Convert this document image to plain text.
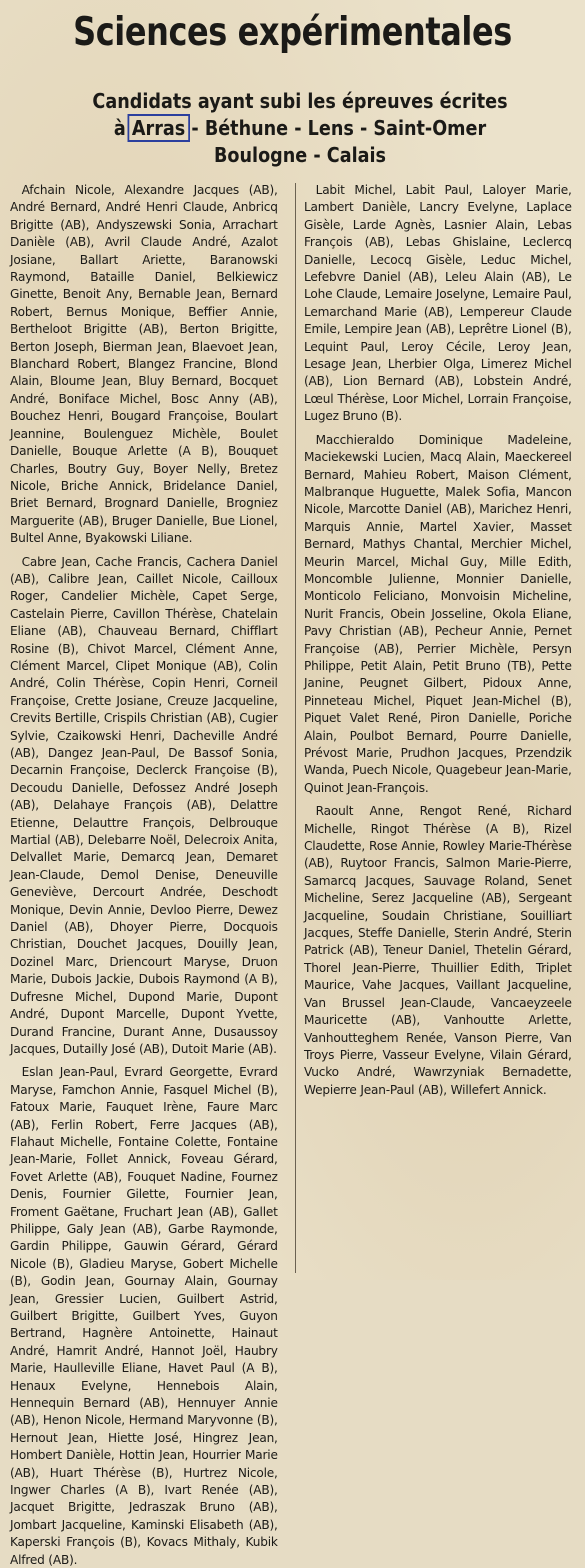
Sciences expérimentales
Candidats ayant subi les épreuves écrites
à Arras - Béthune - Lens - Saint-Omer
Boulogne - Calais

Afchain Nicole, Alexandre Jacques (AB), André Bernard, André Henri Claude, Anbricq Brigitte (AB), Andyszewski Sonia, Arrachart Danièle (AB), Avril Claude André, Azalot Josiane, Ballart Ariette, Baranowski Raymond, Bataille Daniel, Belkiewicz Ginette, Benoit Any, Bernable Jean, Bernard Robert, Bernus Monique, Beffier Annie, Bertheloot Brigitte (AB), Berton Brigitte, Berton Joseph, Bierman Jean, Blaevoet Jean, Blanchard Robert, Blangez Francine, Blond Alain, Bloume Jean, Bluy Bernard, Bocquet André, Boniface Michel, Bosc Anny (AB), Bouchez Henri, Bougard Françoise, Boulart Jeannine, Boulenguez Michèle, Boulet Danielle, Bouque Arlette (A B), Bouquet Charles, Boutry Guy, Boyer Nelly, Bretez Nicole, Briche Annick, Bridelance Daniel, Briet Bernard, Brognard Danielle, Brogniez Marguerite (AB), Bruger Danielle, Bue Lionel, Bultel Anne, Byakowski Liliane.

Cabre Jean, Cache Francis, Cachera Daniel (AB), Calibre Jean, Caillet Nicole, Cailloux Roger, Candelier Michèle, Capet Serge, Castelain Pierre, Cavillon Thérèse, Chatelain Eliane (AB), Chauveau Bernard, Chifflart Rosine (B), Chivot Marcel, Clément Anne, Clément Marcel, Clipet Monique (AB), Colin André, Colin Thérèse, Copin Henri, Corneil Françoise, Crette Josiane, Creuze Jacqueline, Crevits Bertille, Crispils Christian (AB), Cugier Sylvie, Czaikowski Henri, Dacheville André (AB), Dangez Jean-Paul, De Bassof Sonia, Decarnin Françoise, Declerck Françoise (B), Decoudu Danielle, Defossez André Joseph (AB), Delahaye François (AB), Delattre Etienne, Delauttre François, Delbrouque Martial (AB), Delebarre Noël, Delecroix Anita, Delvallet Marie, Demarcq Jean, Demaret Jean-Claude, Demol Denise, Deneuville Geneviève, Dercourt Andrée, Deschodt Monique, Devin Annie, Devloo Pierre, Dewez Daniel (AB), Dhoyer Pierre, Docquois Christian, Douchet Jacques, Douilly Jean, Dozinel Marc, Driencourt Maryse, Druon Marie, Dubois Jackie, Dubois Raymond (A B), Dufresne Michel, Dupond Marie, Dupont André, Dupont Marcelle, Dupont Yvette, Durand Francine, Durant Anne, Dusaussoy Jacques, Dutailly José (AB), Dutoit Marie (AB).

Eslan Jean-Paul, Evrard Georgette, Evrard Maryse, Famchon Annie, Fasquel Michel (B), Fatoux Marie, Fauquet Irène, Faure Marc (AB), Ferlin Robert, Ferre Jacques (AB), Flahaut Michelle, Fontaine Colette, Fontaine Jean-Marie, Follet Annick, Foveau Gérard, Fovet Arlette (AB), Fouquet Nadine, Fournez Denis, Fournier Gilette, Fournier Jean, Froment Gaëtane, Fruchart Jean (AB), Gallet Philippe, Galy Jean (AB), Garbe Raymonde, Gardin Philippe, Gauwin Gérard, Gérard Nicole (B), Gladieu Maryse, Gobert Michelle (B), Godin Jean, Gournay Alain, Gournay Jean, Gressier Lucien, Guilbert Astrid, Guilbert Brigitte, Guilbert Yves, Guyon Bertrand, Hagnère Antoinette, Hainaut André, Hamrit André, Hannot Joël, Haubry Marie, Haulleville Eliane, Havet Paul (A B), Henaux Evelyne, Hennebois Alain, Hennequin Bernard (AB), Hennuyer Annie (AB), Henon Nicole, Hermand Maryvonne (B), Hernout Jean, Hiette José, Hingrez Jean, Hombert Danièle, Hottin Jean, Hourrier Marie (AB), Huart Thérèse (B), Hurtrez Nicole, Ingwer Charles (A B), Ivart Renée (AB), Jacquet Brigitte, Jedraszak Bruno (AB), Jombart Jacqueline, Kaminski Elisabeth (AB), Kaperski François (B), Kovacs Mithaly, Kubik Alfred (AB).

Labit Michel, Labit Paul, Laloyer Marie, Lambert Danièle, Lancry Evelyne, Laplace Gisèle, Larde Agnès, Lasnier Alain, Lebas François (AB), Lebas Ghislaine, Leclercq Danielle, Lecocq Gisèle, Leduc Michel, Lefebvre Daniel (AB), Leleu Alain (AB), Le Lohe Claude, Lemaire Joselyne, Lemaire Paul, Lemarchand Marie (AB), Lempereur Claude Emile, Lempire Jean (AB), Leprêtre Lionel (B), Lequint Paul, Leroy Cécile, Leroy Jean, Lesage Jean, Lherbier Olga, Limerez Michel (AB), Lion Bernard (AB), Lobstein André, Lœul Thérèse, Loor Michel, Lorrain Françoise, Lugez Bruno (B).

Macchieraldo Dominique Madeleine, Maciekewski Lucien, Macq Alain, Maeckereel Bernard, Mahieu Robert, Maison Clément, Malbranque Huguette, Malek Sofia, Mancon Nicole, Marcotte Daniel (AB), Marichez Henri, Marquis Annie, Martel Xavier, Masset Bernard, Mathys Chantal, Merchier Michel, Meurin Marcel, Michal Guy, Mille Edith, Moncomble Julienne, Monnier Danielle, Monticolo Feliciano, Monvoisin Micheline, Nurit Francis, Obein Josseline, Okola Eliane, Pavy Christian (AB), Pecheur Annie, Pernet Françoise (AB), Perrier Michèle, Persyn Philippe, Petit Alain, Petit Bruno (TB), Pette Janine, Peugnet Gilbert, Pidoux Anne, Pinneteau Michel, Piquet Jean-Michel (B), Piquet Valet René, Piron Danielle, Poriche Alain, Poulbot Bernard, Pourre Danielle, Prévost Marie, Prudhon Jacques, Przendzik Wanda, Puech Nicole, Quagebeur Jean-Marie, Quinot Jean-François.

Raoult Anne, Rengot René, Richard Michelle, Ringot Thérèse (A B), Rizel Claudette, Rose Annie, Rowley Marie-Thérèse (AB), Ruytoor Francis, Salmon Marie-Pierre, Samarcq Jacques, Sauvage Roland, Senet Micheline, Serez Jacqueline (AB), Sergeant Jacqueline, Soudain Christiane, Souilliart Jacques, Steffe Danielle, Sterin André, Sterin Patrick (AB), Teneur Daniel, Thetelin Gérard, Thorel Jean-Pierre, Thuillier Edith, Triplet Maurice, Vahe Jacques, Vaillant Jacqueline, Van Brussel Jean-Claude, Vancaeyzeele Mauricette (AB), Vanhoutte Arlette, Vanhoutteghem Renée, Vanson Pierre, Van Troys Pierre, Vasseur Evelyne, Vilain Gérard, Vucko André, Wawrzyniak Bernadette, Wepierre Jean-Paul (AB), Willefert Annick.
